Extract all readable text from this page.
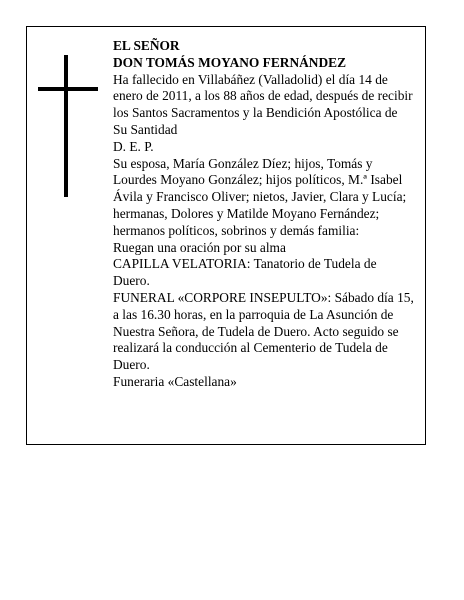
EL SEÑOR
DON TOMÁS MOYANO FERNÁNDEZ
Ha fallecido en Villabáñez (Valladolid) el día 14 de
enero de 2011, a los 88 años de edad, después de recibir
los Santos Sacramentos y la Bendición Apostólica de
Su Santidad
D. E. P.
Su esposa, María González Díez; hijos, Tomás y
Lourdes Moyano González; hijos políticos, M.ª Isabel
Ávila y Francisco Oliver; nietos, Javier, Clara y Lucía;
hermanas, Dolores y Matilde Moyano Fernández;
hermanos políticos, sobrinos y demás familia:
Ruegan una oración por su alma
CAPILLA VELATORIA: Tanatorio de Tudela de
Duero.
FUNERAL «CORPORE INSEPULTO»: Sábado día 15,
a las 16.30 horas, en la parroquia de La Asunción de
Nuestra Señora, de Tudela de Duero. Acto seguido se
realizará la conducción al Cementerio de Tudela de
Duero.
Funeraria «Castellana»
